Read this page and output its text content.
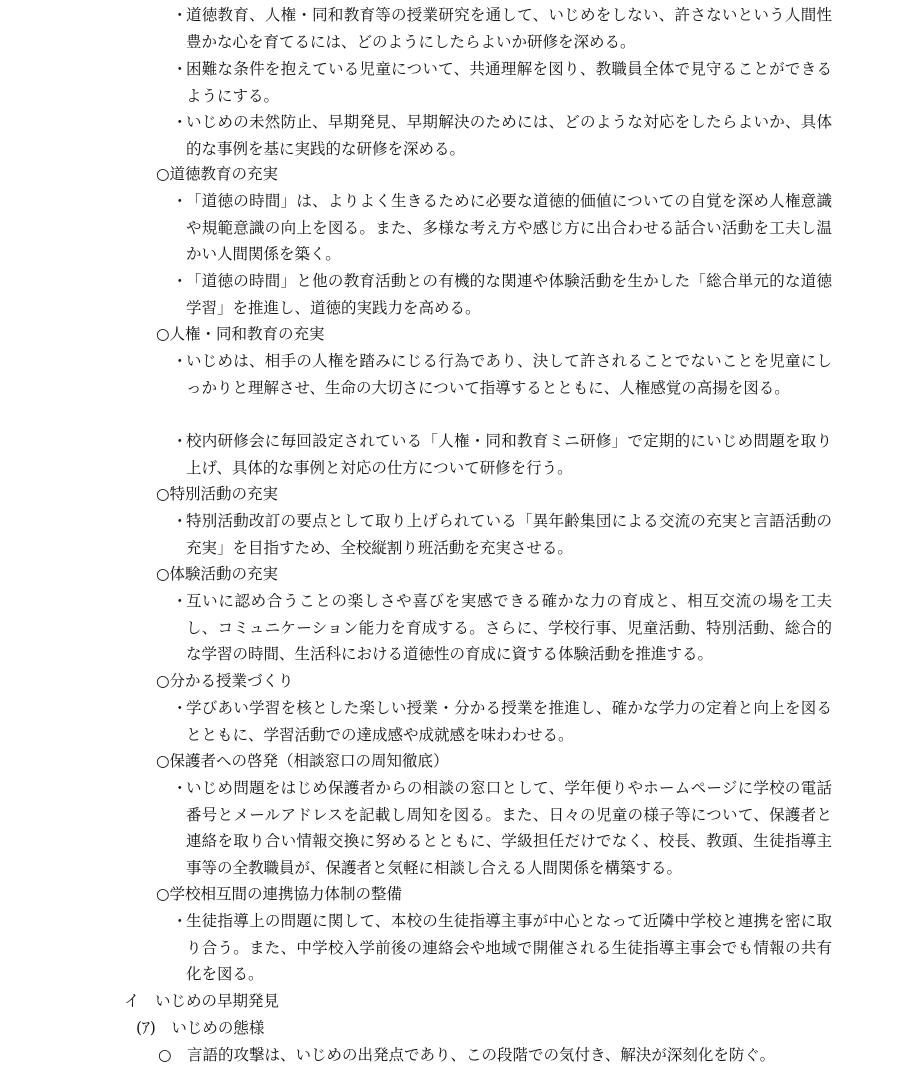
・
道徳教育、人権・同和教育等の授業研究を通して、いじめをしない、許さないという人間性豊かな心を育てるには、どのようにしたらよいか研修を深める。
・
困難な条件を抱えている児童について、共通理解を図り、教職員全体で見守ることができるようにする。
・
いじめの未然防止、早期発見、早期解決のためには、どのような対応をしたらよいか、具体的な事例を基に実践的な研修を深める。
○道徳教育の充実
・
「道徳の時間」は、よりよく生きるために必要な道徳的価値についての自覚を深め人権意識や規範意識の向上を図る。また、多様な考え方や感じ方に出合わせる話合い活動を工夫し温かい人間関係を築く。
・
「道徳の時間」と他の教育活動との有機的な関連や体験活動を生かした「総合単元的な道徳学習」を推進し、道徳的実践力を高める。
○人権・同和教育の充実
・
いじめは、相手の人権を踏みにじる行為であり、決して許されることでないことを児童にしっかりと理解させ、生命の大切さについて指導するとともに、人権感覚の高揚を図る。
・
校内研修会に毎回設定されている「人権・同和教育ミニ研修」で定期的にいじめ問題を取り上げ、具体的な事例と対応の仕方について研修を行う。
○特別活動の充実
・
特別活動改訂の要点として取り上げられている「異年齢集団による交流の充実と言語活動の充実」を目指すため、全校縦割り班活動を充実させる。
○体験活動の充実
・
互いに認め合うことの楽しさや喜びを実感できる確かな力の育成と、相互交流の場を工夫し、コミュニケーション能力を育成する。さらに、学校行事、児童活動、特別活動、総合的な学習の時間、生活科における道徳性の育成に資する体験活動を推進する。
○分かる授業づくり
・
学びあい学習を核とした楽しい授業・分かる授業を推進し、確かな学力の定着と向上を図るとともに、学習活動での達成感や成就感を味わわせる。
○保護者への啓発（相談窓口の周知徹底）
・
いじめ問題をはじめ保護者からの相談の窓口として、学年便りやホームページに学校の電話番号とメールアドレスを記載し周知を図る。また、日々の児童の様子等について、保護者と連絡を取り合い情報交換に努めるとともに、学級担任だけでなく、校長、教頭、生徒指導主事等の全教職員が、保護者と気軽に相談し合える人間関係を構築する。
○学校相互間の連携協力体制の整備
・
生徒指導上の問題に関して、本校の生徒指導主事が中心となって近隣中学校と連携を密に取り合う。また、中学校入学前後の連絡会や地域で開催される生徒指導主事会でも情報の共有化を図る。
イ　いじめの早期発見
(ｱ)　いじめの態様
○　言語的攻撃は、いじめの出発点であり、この段階での気付き、解決が深刻化を防ぐ。
